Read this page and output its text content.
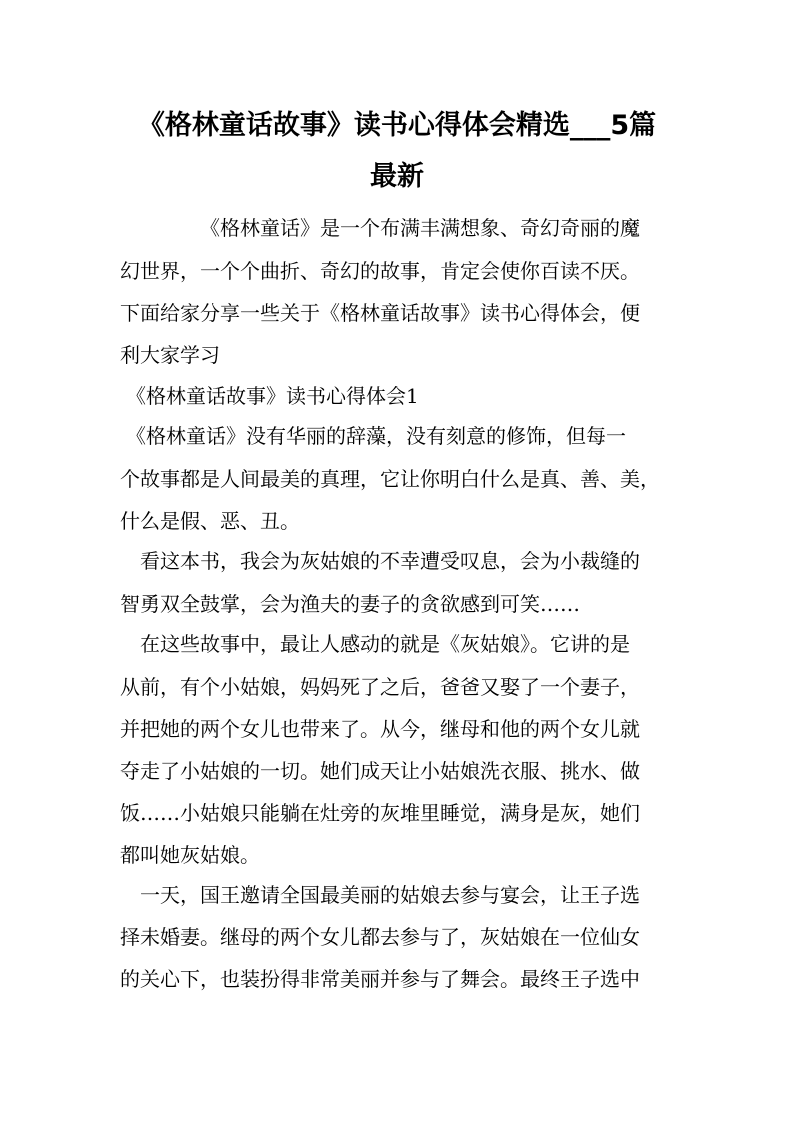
《格林童话故事》读书心得体会精选___5篇
最新
《格林童话》是一个布满丰满想象、奇幻奇丽的魔
幻世界，一个个曲折、奇幻的故事，肯定会使你百读不厌。
下面给家分享一些关于《格林童话故事》读书心得体会，便
利大家学习
《格林童话故事》读书心得体会1
《格林童话》没有华丽的辞藻，没有刻意的修饰，但每一
个故事都是人间最美的真理，它让你明白什么是真、善、美，
什么是假、恶、丑。
看这本书，我会为灰姑娘的不幸遭受叹息，会为小裁缝的
智勇双全鼓掌，会为渔夫的妻子的贪欲感到可笑……
在这些故事中，最让人感动的就是《灰姑娘》。它讲的是
从前，有个小姑娘，妈妈死了之后，爸爸又娶了一个妻子，
并把她的两个女儿也带来了。从今，继母和他的两个女儿就
夺走了小姑娘的一切。她们成天让小姑娘洗衣服、挑水、做
饭……小姑娘只能躺在灶旁的灰堆里睡觉，满身是灰，她们
都叫她灰姑娘。
一天，国王邀请全国最美丽的姑娘去参与宴会，让王子选
择未婚妻。继母的两个女儿都去参与了，灰姑娘在一位仙女
的关心下，也装扮得非常美丽并参与了舞会。最终王子选中
